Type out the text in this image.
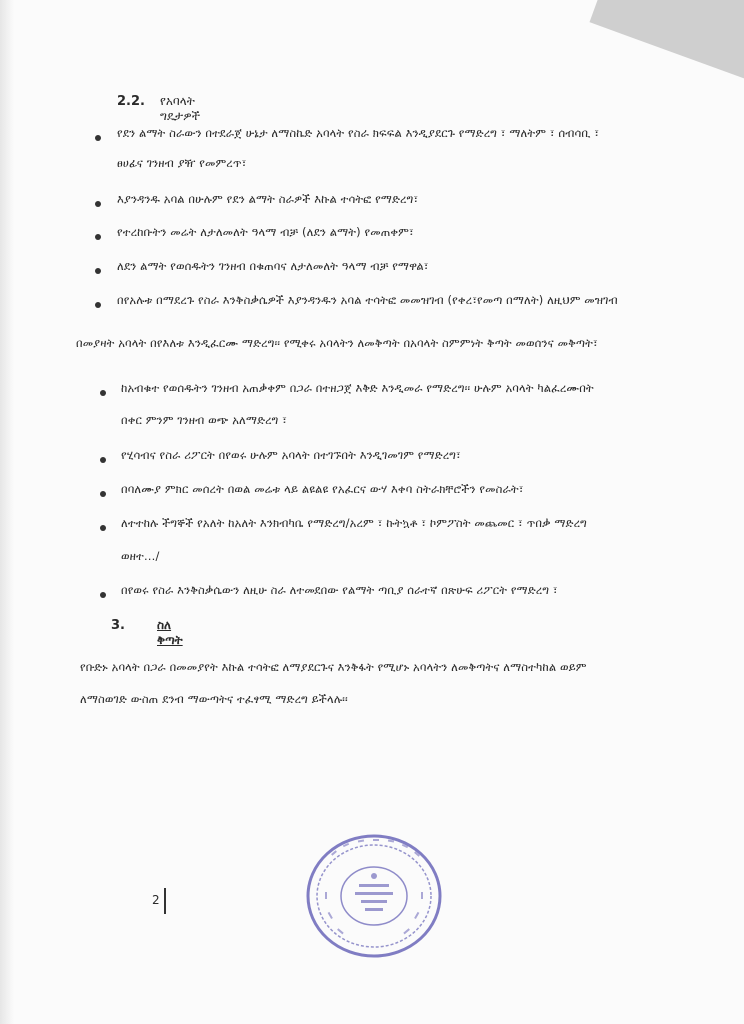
2.2. የአባላት ግዴታዎች
የደን ልማት ስራውን በተደራጀ ሁኔታ ለማስኬድ አባላት የስራ ክፍፍል እንዲያደርጉ የማድረግ ፣ ማለትም ፣ ሰብሳቢ ፣
ፀሀፊና ገንዘብ ያዥ የመምረጥ፣
እያንዳንዱ አባል በሁሉም የደን ልማት ስራዎች እኩል ተሳትፎ የማድረግ፣
የተረከቡትን መሬት ለታለመለት ዓላማ ብቻ (ለደን ልማት) የመጠቀም፣
ለደን ልማት የወሰዱትን ገንዘብ በቁጠባና ለታለመለት ዓላማ ብቻ የማዋል፣
በየአሉቱ በማደረጉ የስራ እንቅስቃሴዎች እያንዳንዱን አባል ተሳትፎ መመዝገብ (የቀረ፣የመጣ በማለት) ለዚህም መዝገብ
በመያዛት አባላት በየእለቱ እንዲፈርሙ ማድረግ፡፡ የሚቀሩ አባላትን ለመቅጣት በአባላት ስምምነት ቅጣት መወሰንና መቅጣት፣
ከአብቁተ የወሰዱትን ገንዘብ አጠቃቀም በጋራ በተዘጋጀ እቅድ እንዲመራ የማድረግ፡፡ ሁሉም አባላት ካልፈረሙበት
በቀር ምንም ገንዘብ ወጭ አለማድረግ ፣
የሂሳብና የስራ ሪፖርት በየወሩ ሁሉም አባላት በተገኙበት እንዲገመገም የማድረግ፣
በባለሙያ ምክር መሰረት በወል መሬቱ ላይ ልዩልዩ የአፈርና ውሃ እቀባ ስትራክቸሮችን የመስራት፣
ለተተከሉ ችግኞች የአለት ከአለት እንክብካቤ የማድረግ/አረም ፣ ኩትኳቶ ፣ ኮምፖስት መጨመር ፣ ጥበቃ ማድረግ
ወዘተ…/
በየወሩ የስራ እንቅስቃሴውን ለዚሁ ስራ ለተመደበው የልማት ጣቢያ ሰራተኛ በጽሁፍ ሪፖርት የማድረግ ፣
3.	ስለ ቅጣት
የቡድኑ አባላት በጋራ በመመያየት እኩል ተሳትፎ ለማያደርጉና እንቅፋት የሚሆኑ አባላትን ለመቅጣትና ለማስተካከል ወይም
ለማስወገድ ውስጠ ደንብ ማውጣትና ተፈፃሚ ማድረግ ይችላሉ፡፡
2
